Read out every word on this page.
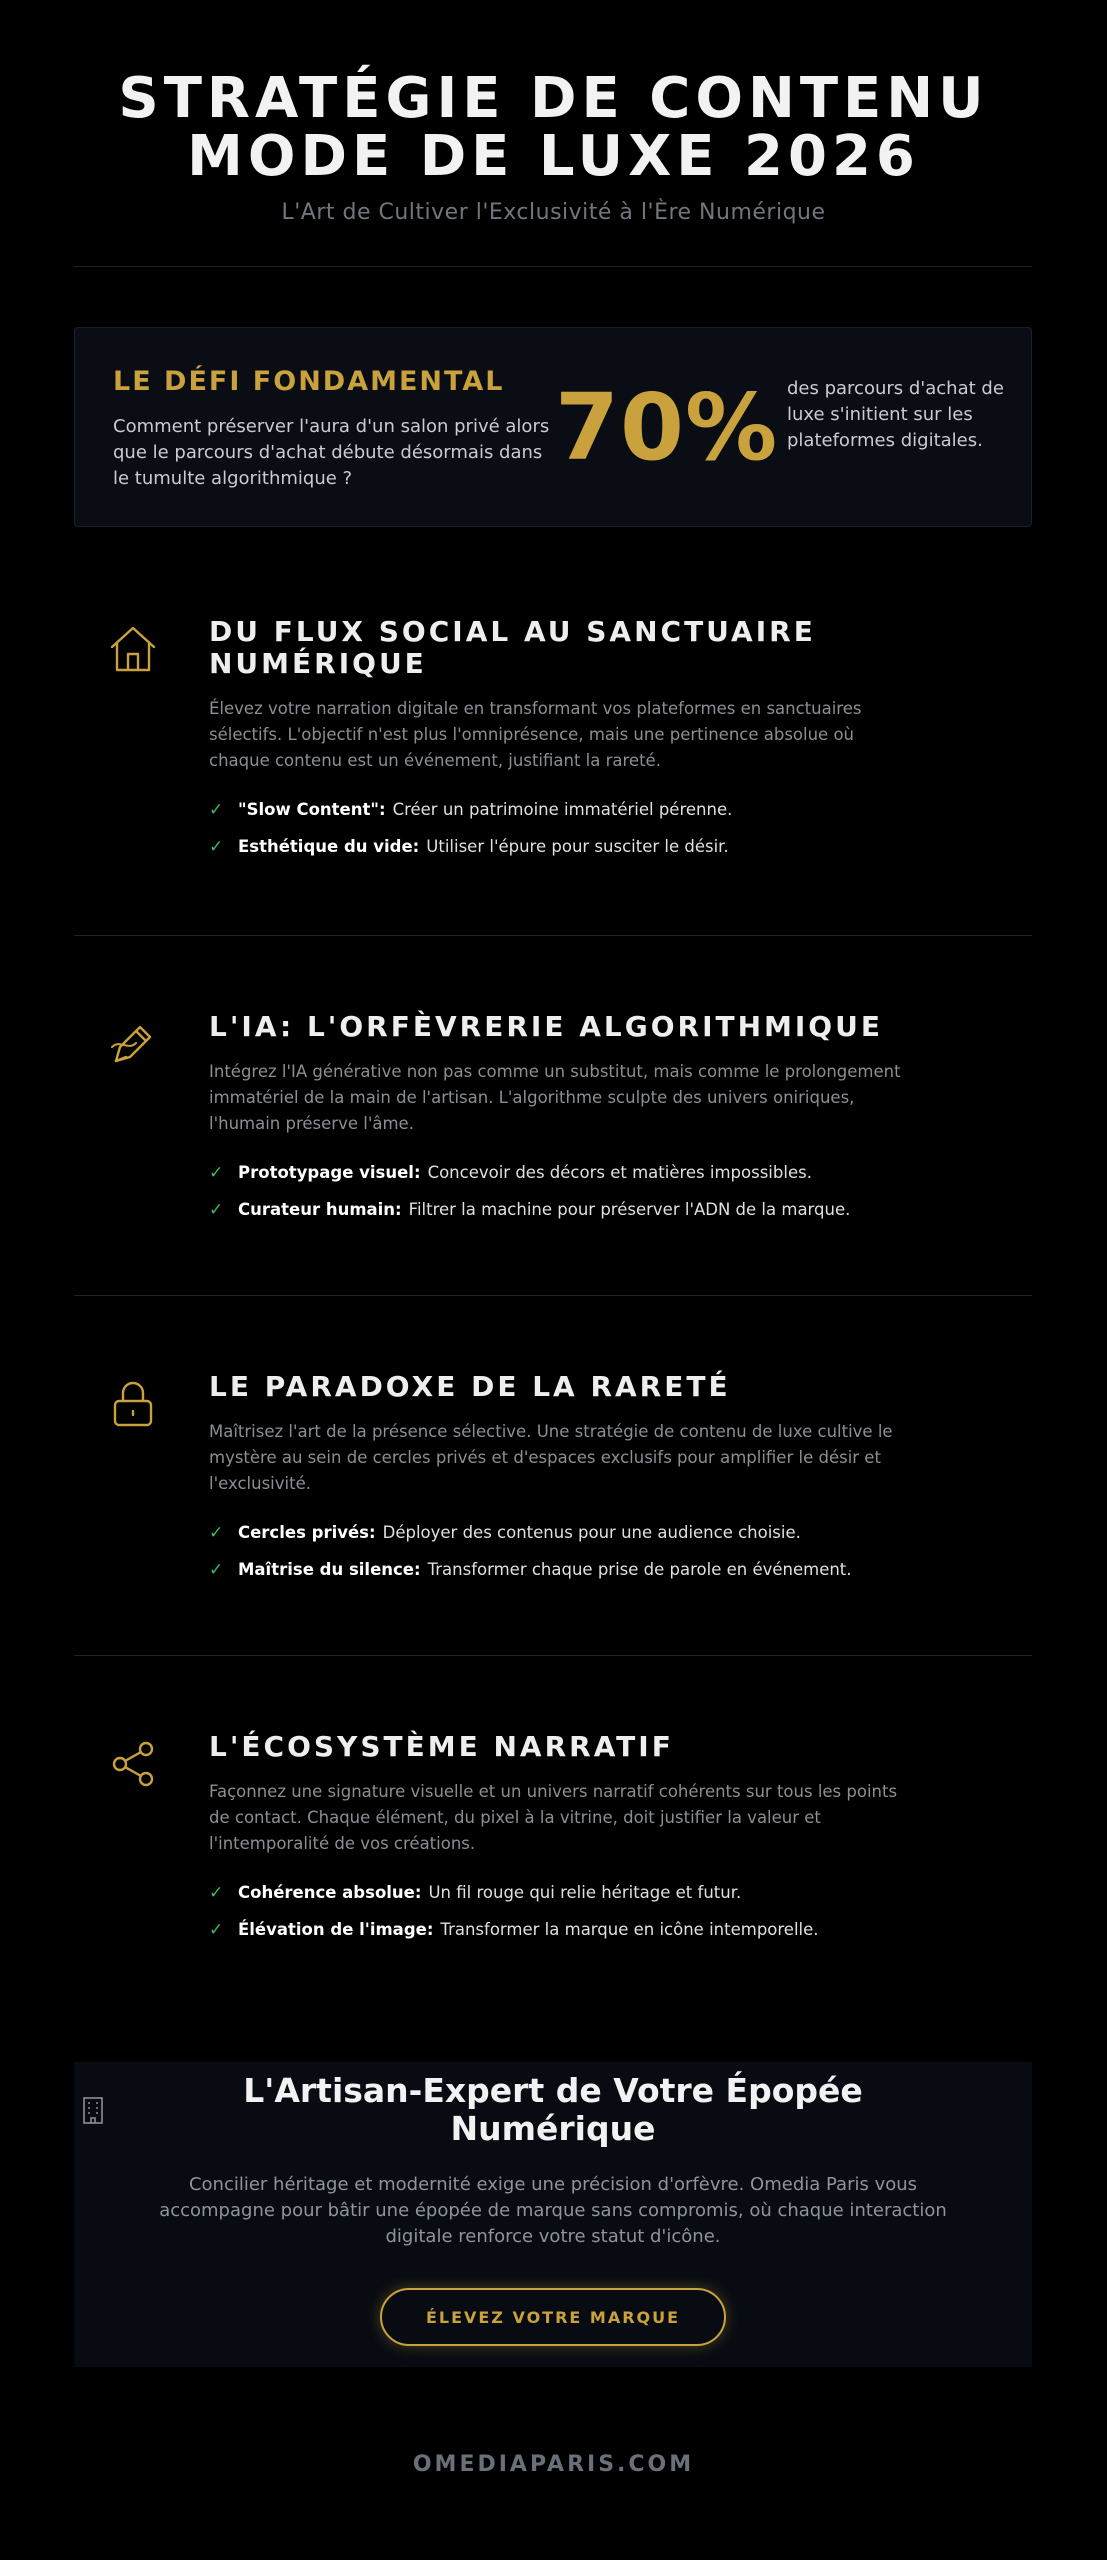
STRATÉGIE DE CONTENU
MODE DE LUXE 2026
L'Art de Cultiver l'Exclusivité à l'Ère Numérique
LE DÉFI FONDAMENTAL
Comment préserver l'aura d'un salon privé alors que le parcours d'achat débute désormais dans le tumulte algorithmique ?	70% des parcours d'achat de luxe s'initient sur les plateformes digitales.
DU FLUX SOCIAL AU SANCTUAIRE NUMÉRIQUE

Élevez votre narration digitale en transformant vos plateformes en sanctuaires sélectifs. L'objectif n'est plus l'omniprésence, mais une pertinence absolue où chaque contenu est un événement, justifiant la rareté.

✓ "Slow Content": Créer un patrimoine immatériel pérenne.
✓ Esthétique du vide: Utiliser l'épure pour susciter le désir.
L'IA: L'ORFÈVRERIE ALGORITHMIQUE

Intégrez l'IA générative non pas comme un substitut, mais comme le prolongement immatériel de la main de l'artisan. L'algorithme sculpte des univers oniriques, l'humain préserve l'âme.

✓ Prototypage visuel: Concevoir des décors et matières impossibles.
✓ Curateur humain: Filtrer la machine pour préserver l'ADN de la marque.
LE PARADOXE DE LA RARETÉ

Maîtrisez l'art de la présence sélective. Une stratégie de contenu de luxe cultive le mystère au sein de cercles privés et d'espaces exclusifs pour amplifier le désir et l'exclusivité.

✓ Cercles privés: Déployer des contenus pour une audience choisie.
✓ Maîtrise du silence: Transformer chaque prise de parole en événement.
L'ÉCOSYSTÈME NARRATIF

Façonnez une signature visuelle et un univers narratif cohérents sur tous les points de contact. Chaque élément, du pixel à la vitrine, doit justifier la valeur et l'intemporalité de vos créations.

✓ Cohérence absolue: Un fil rouge qui relie héritage et futur.
✓ Élévation de l'image: Transformer la marque en icône intemporelle.
L'Artisan-Expert de Votre Épopée
Numérique

Concilier héritage et modernité exige une précision d'orfèvre. Omedia Paris vous accompagne pour bâtir une épopée de marque sans compromis, où chaque interaction digitale renforce votre statut d'icône.

ÉLEVEZ VOTRE MARQUE
OMEDIAPARIS.COM
